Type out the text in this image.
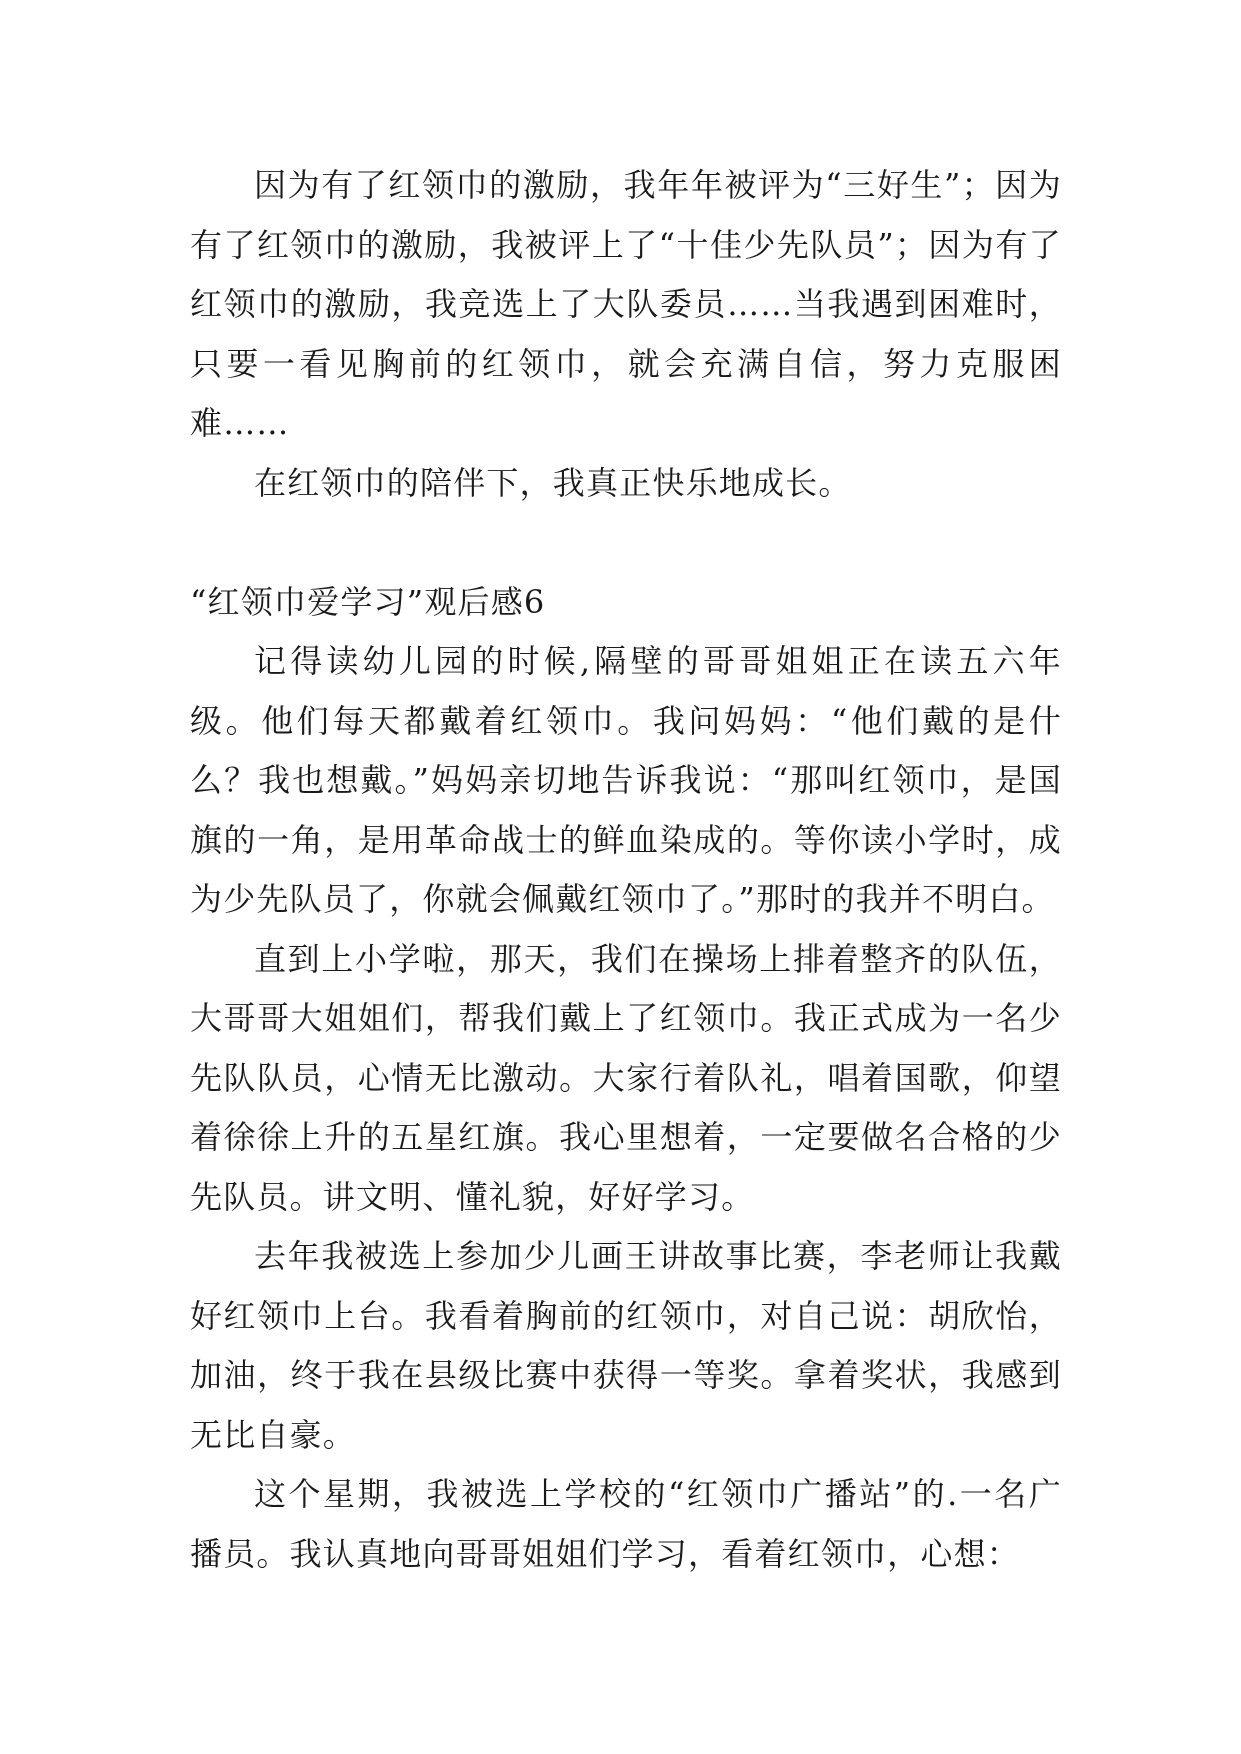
因为有了红领巾的激励，我年年被评为“三好生”；因为有了红领巾的激励，我被评上了“十佳少先队员”；因为有了红领巾的激励，我竞选上了大队委员……当我遇到困难时，只要一看见胸前的红领巾，就会充满自信，努力克服困难……

在红领巾的陪伴下，我真正快乐地成长。

“红领巾爱学习”观后感6

记得读幼儿园的时候,隔壁的哥哥姐姐正在读五六年级。他们每天都戴着红领巾。我问妈妈：“他们戴的是什么？我也想戴。”妈妈亲切地告诉我说：“那叫红领巾，是国旗的一角，是用革命战士的鲜血染成的。等你读小学时，成为少先队员了，你就会佩戴红领巾了。”那时的我并不明白。

直到上小学啦，那天，我们在操场上排着整齐的队伍，大哥哥大姐姐们，帮我们戴上了红领巾。我正式成为一名少先队队员，心情无比激动。大家行着队礼，唱着国歌，仰望着徐徐上升的五星红旗。我心里想着，一定要做名合格的少先队员。讲文明、懂礼貌，好好学习。

去年我被选上参加少儿画王讲故事比赛，李老师让我戴好红领巾上台。我看着胸前的红领巾，对自己说：胡欣怡，加油，终于我在县级比赛中获得一等奖。拿着奖状，我感到无比自豪。

这个星期，我被选上学校的“红领巾广播站”的.一名广播员。我认真地向哥哥姐姐们学习，看着红领巾，心想：
